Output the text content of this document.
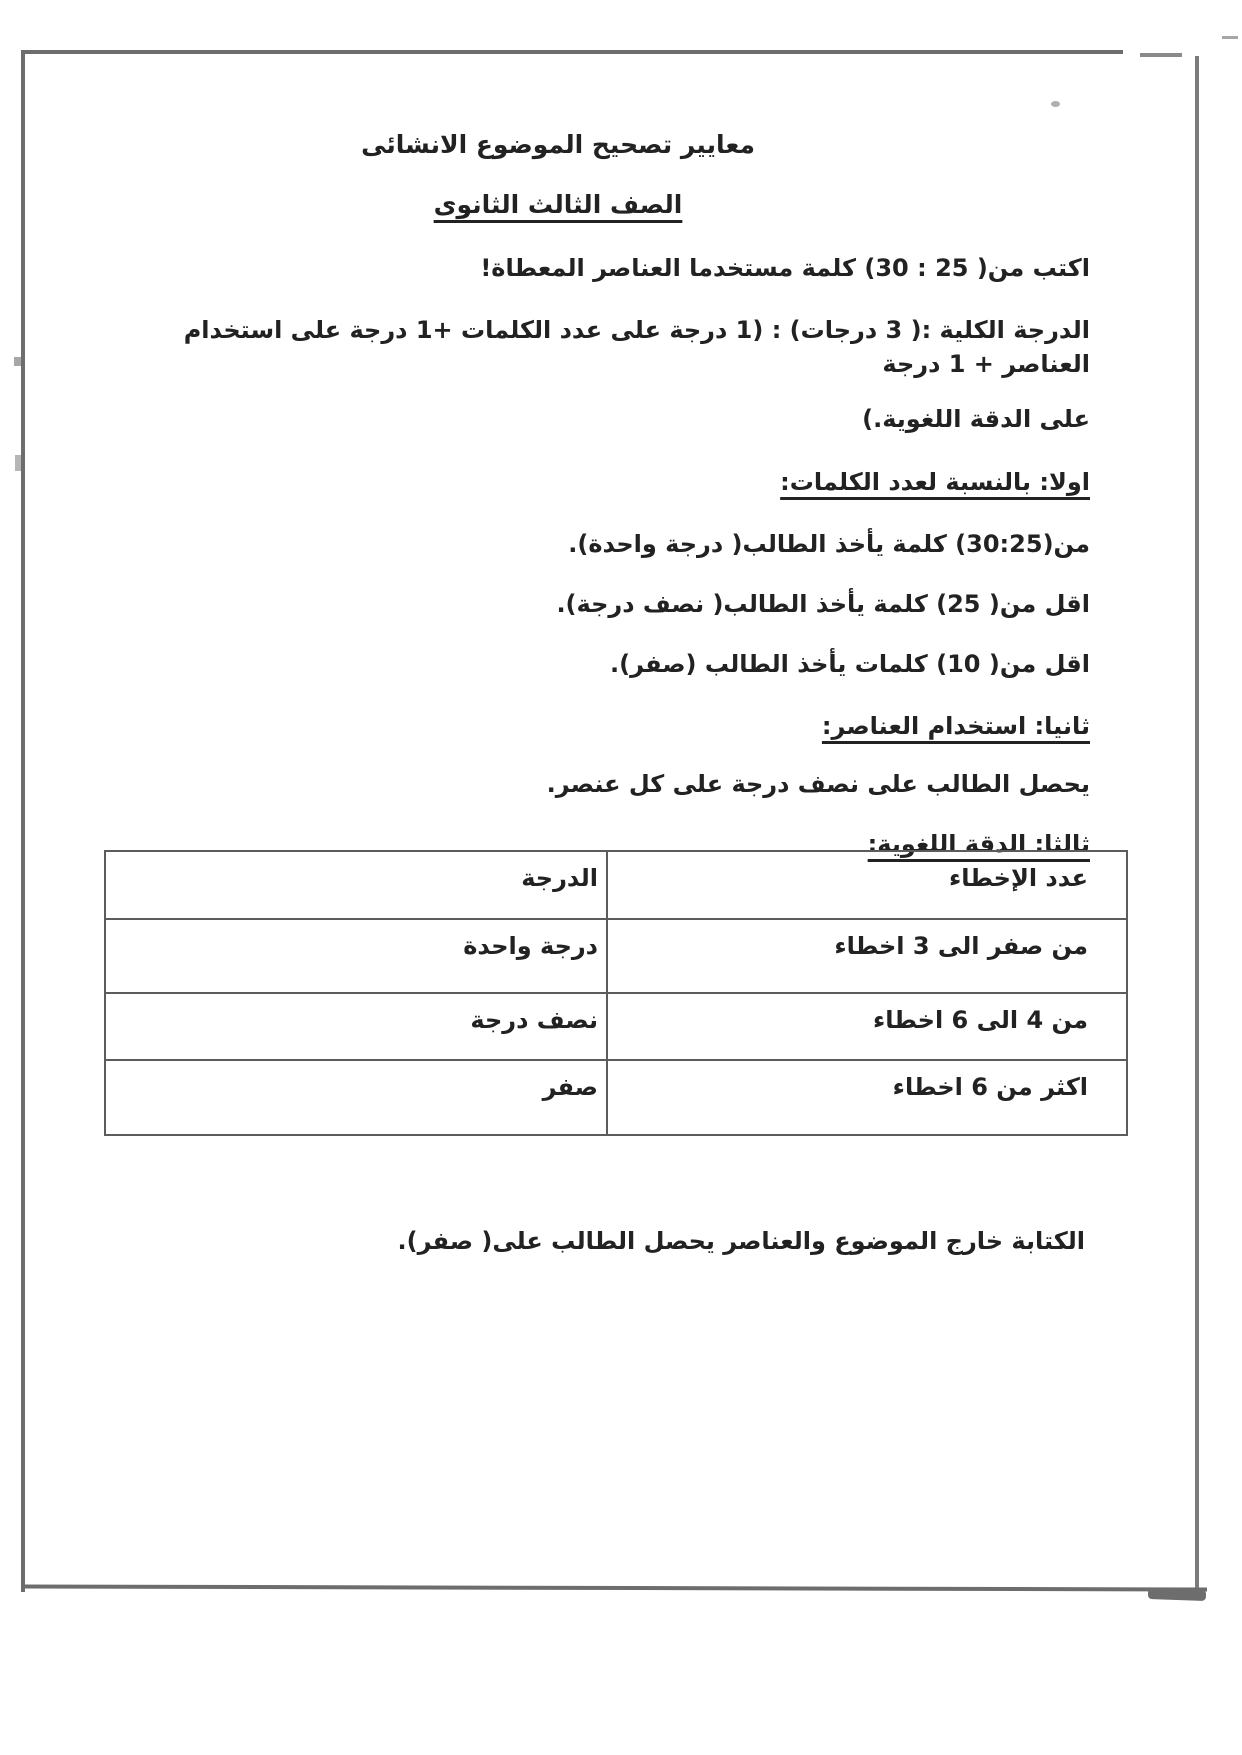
معايير تصحيح الموضوع الانشائى

الصف الثالث الثانوى

اكتب من( 25 : 30) كلمة مستخدما العناصر المعطاة!

الدرجة الكلية :( 3 درجات) : (1 درجة على عدد الكلمات +1 درجة على استخدام العناصر + 1 درجة

على الدقة اللغوية.)

اولا: بالنسبة لعدد الكلمات:

من(30:25) كلمة يأخذ الطالب( درجة واحدة).

اقل من( 25) كلمة يأخذ الطالب( نصف درجة).

اقل من( 10) كلمات يأخذ الطالب (صفر).

ثانيا: استخدام العناصر:

يحصل الطالب على نصف درجة على كل عنصر.

ثالثا: الدقة اللغوية:

عدد الإخطاء	الدرجة
من صفر الى 3 اخطاء	درجة واحدة
من 4 الى 6 اخطاء	نصف درجة
اكثر من 6 اخطاء	صفر

الكتابة خارج الموضوع والعناصر يحصل الطالب على( صفر).
